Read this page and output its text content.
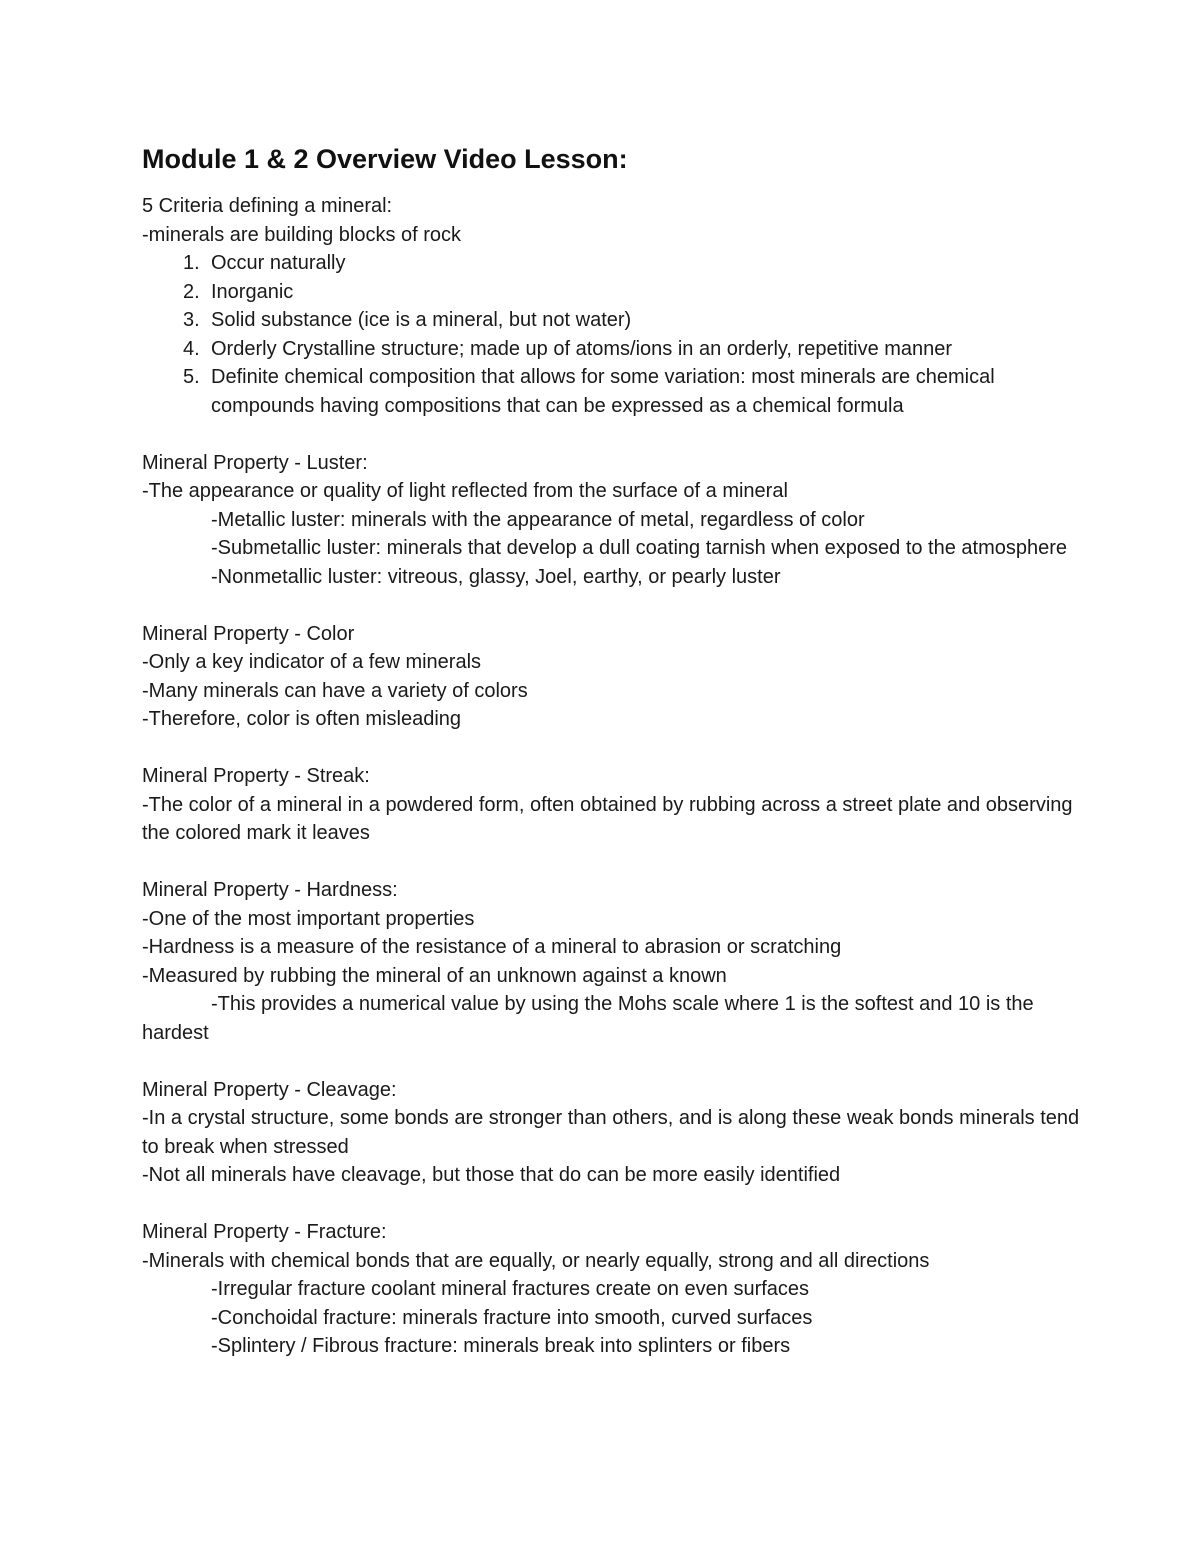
Module 1 & 2 Overview Video Lesson:

5 Criteria defining a mineral:

-minerals are building blocks of rock

1. Occur naturally
2. Inorganic
3. Solid substance (ice is a mineral, but not water)
4. Orderly Crystalline structure; made up of atoms/ions in an orderly, repetitive manner
5. Definite chemical composition that allows for some variation: most minerals are chemical compounds having compositions that can be expressed as a chemical formula

Mineral Property - Luster:

-The appearance or quality of light reflected from the surface of a mineral

-Metallic luster: minerals with the appearance of metal, regardless of color

-Submetallic luster: minerals that develop a dull coating tarnish when exposed to the atmosphere

-Nonmetallic luster: vitreous, glassy, Joel, earthy, or pearly luster

Mineral Property - Color

-Only a key indicator of a few minerals

-Many minerals can have a variety of colors

-Therefore, color is often misleading

Mineral Property - Streak:

-The color of a mineral in a powdered form, often obtained by rubbing across a street plate and observing the colored mark it leaves

Mineral Property - Hardness:

-One of the most important properties

-Hardness is a measure of the resistance of a mineral to abrasion or scratching

-Measured by rubbing the mineral of an unknown against a known

-This provides a numerical value by using the Mohs scale where 1 is the softest and 10 is the hardest

Mineral Property - Cleavage:

-In a crystal structure, some bonds are stronger than others, and is along these weak bonds minerals tend to break when stressed

-Not all minerals have cleavage, but those that do can be more easily identified

Mineral Property - Fracture:

-Minerals with chemical bonds that are equally, or nearly equally, strong and all directions

-Irregular fracture coolant mineral fractures create on even surfaces

-Conchoidal fracture: minerals fracture into smooth, curved surfaces

-Splintery / Fibrous fracture: minerals break into splinters or fibers
